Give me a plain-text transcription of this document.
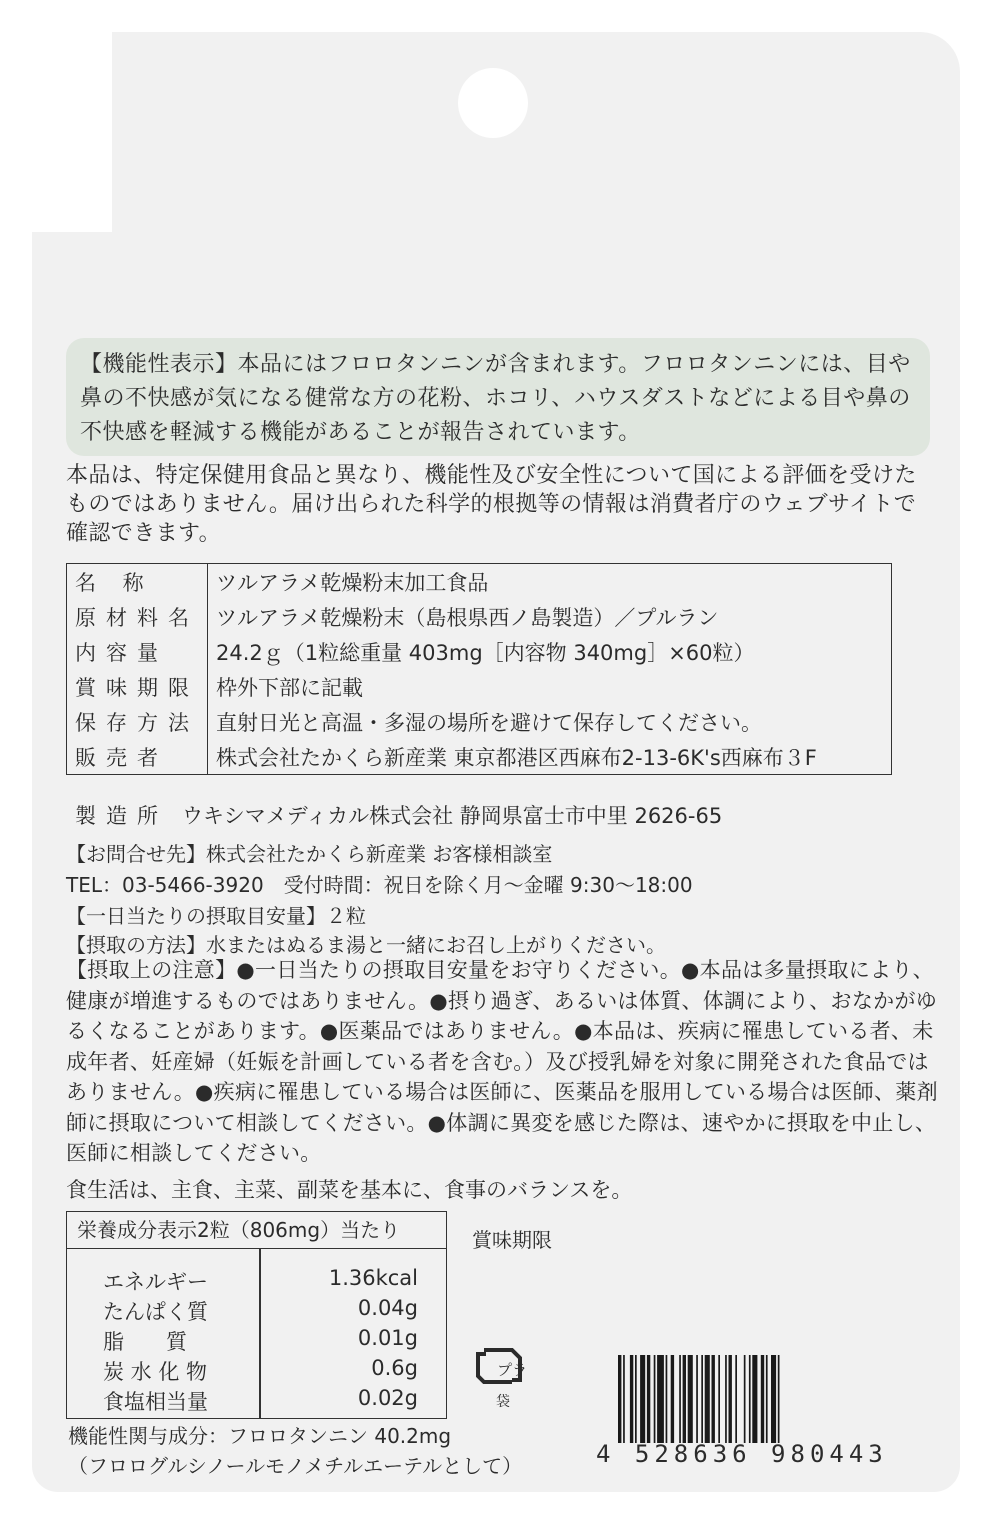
【機能性表示】本品にはフロロタンニンが含まれます。フロロタンニンには、目や鼻の不快感が気になる健常な方の花粉、ホコリ、ハウスダストなどによる目や鼻の不快感を軽減する機能があることが報告されています。

本品は、特定保健用食品と異なり、機能性及び安全性について国による評価を受けたものではありません。届け出られた科学的根拠等の情報は消費者庁のウェブサイトで確認できます。

名 称	ツルアラメ乾燥粉末加工食品
原材料名	ツルアラメ乾燥粉末（島根県西ノ島製造）／プルラン
内容量	24.2ｇ（1粒総重量 403mg［内容物 340mg］×60粒）
賞味期限	枠外下部に記載
保存方法	直射日光と高温・多湿の場所を避けて保存してください。
販売者	株式会社たかくら新産業 東京都港区西麻布2-13-6K's西麻布３F
製造所 ウキシマメディカル株式会社 静岡県富士市中里 2626-65
【お問合せ先】株式会社たかくら新産業 お客様相談室
TEL：03-5466-3920　受付時間：祝日を除く月～金曜 9:30～18:00
【一日当たりの摂取目安量】２粒
【摂取の方法】水またはぬるま湯と一緒にお召し上がりください。

【摂取上の注意】●一日当たりの摂取目安量をお守りください。●本品は多量摂取により、健康が増進するものではありません。●摂り過ぎ、あるいは体質、体調により、おなかがゆるくなることがあります。●医薬品ではありません。●本品は、疾病に罹患している者、未成年者、妊産婦（妊娠を計画している者を含む。）及び授乳婦を対象に開発された食品ではありません。●疾病に罹患している場合は医師に、医薬品を服用している場合は医師、薬剤師に摂取について相談してください。●体調に異変を感じた際は、速やかに摂取を中止し、医師に相談してください。

食生活は、主食、主菜、副菜を基本に、食事のバランスを。
栄養成分表示2粒（806mg）当たり
エネルギー	1.36kcal
たんぱく質	0.04g
脂　　質	0.01g
炭 水 化 物	0.6g
食塩相当量	0.02g

機能性関与成分：フロロタンニン 40.2mg
（フロログルシノールモノメチルエーテルとして）

賞味期限
プラ
袋
4 528636 980443
